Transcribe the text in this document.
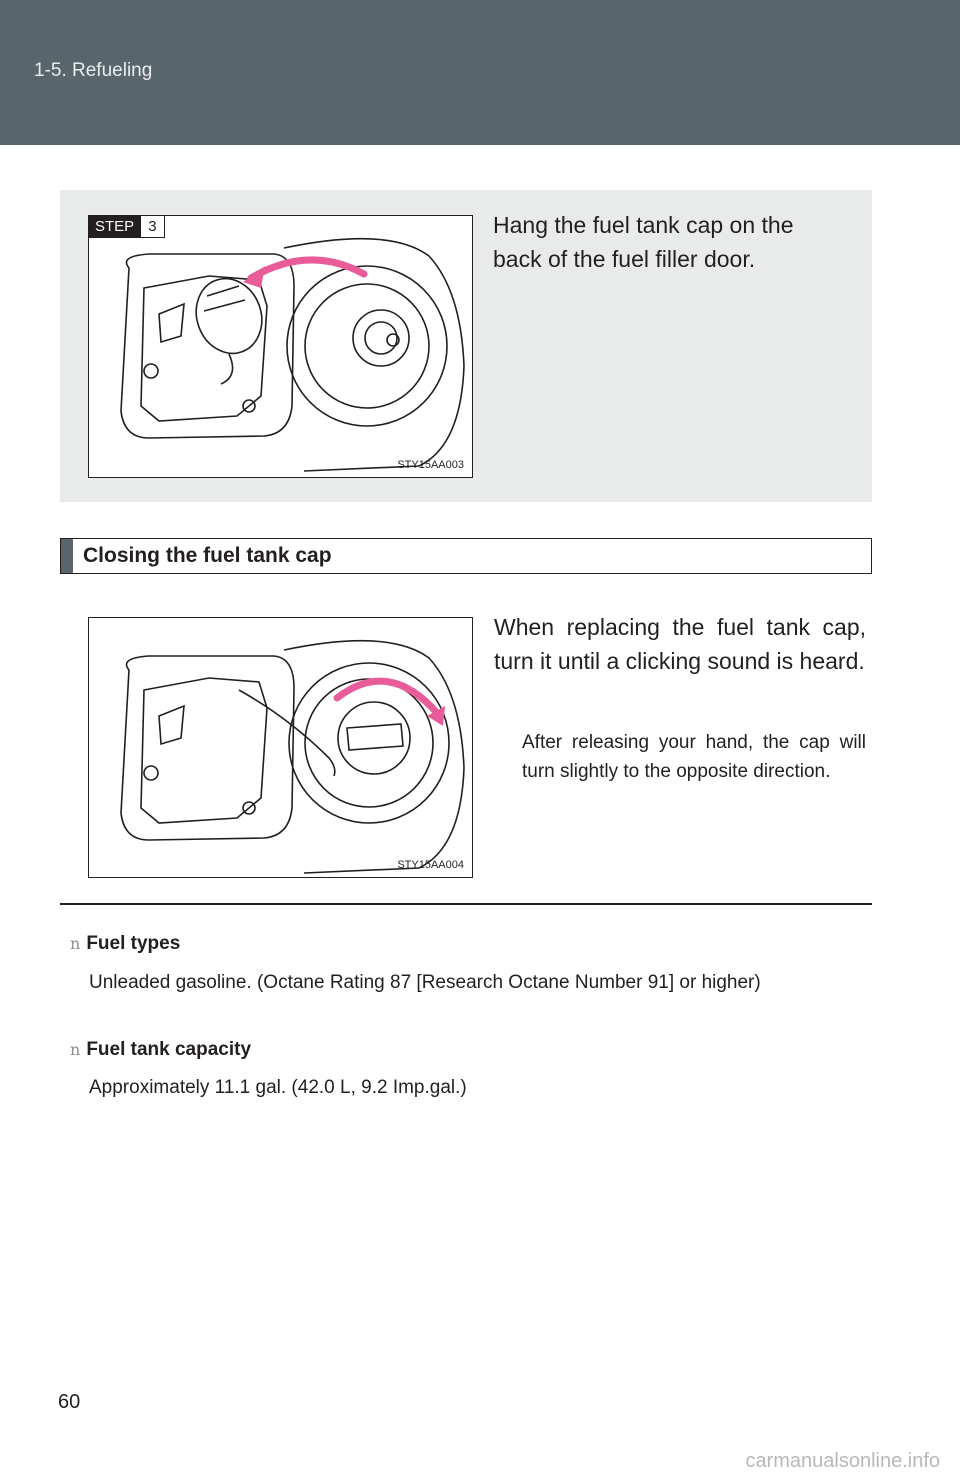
1-5. Refueling
STEP 3
STY15AA003
Hang the fuel tank cap on the back of the fuel filler door.
Closing the fuel tank cap
STY15AA004
When replacing the fuel tank cap, turn it until a clicking sound is heard.
After releasing your hand, the cap will turn slightly to the opposite direction.
n Fuel types
Unleaded gasoline. (Octane Rating 87 [Research Octane Number 91] or higher)
n Fuel tank capacity
Approximately 11.1 gal. (42.0 L, 9.2 Imp.gal.)
60
carmanualsonline.info
